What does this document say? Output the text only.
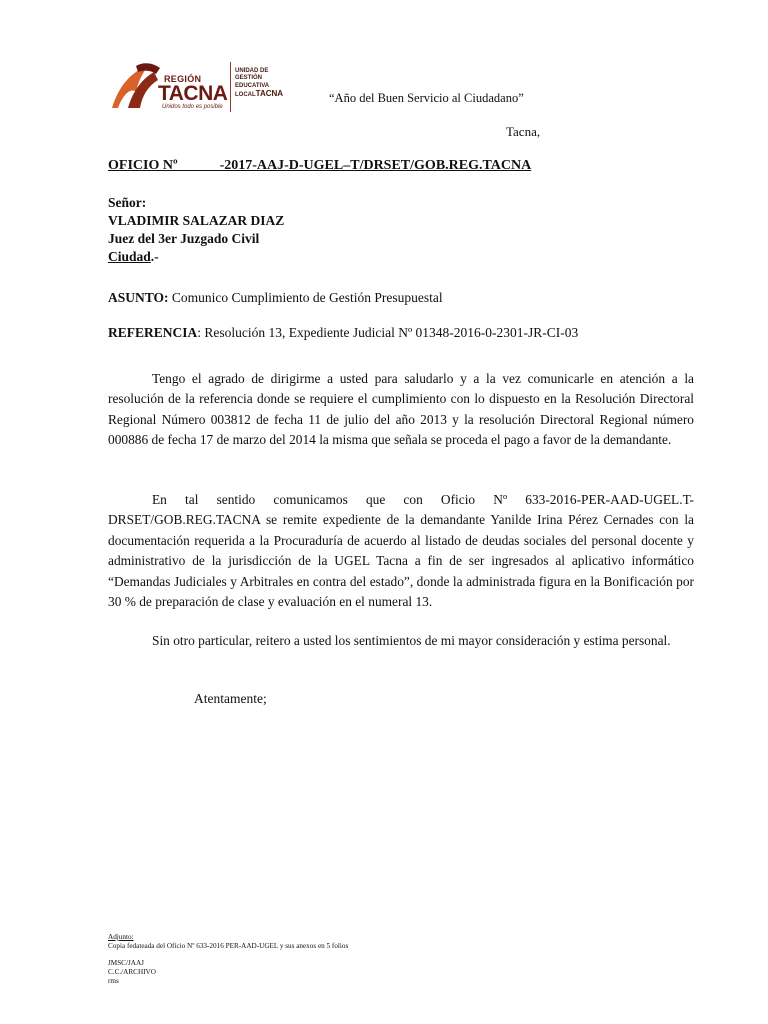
REGIÓN
TACNA
Unidos todo es posible
UNIDAD DE
GESTIÓN
EDUCATIVA
LOCALTACNA	“Año del Buen Servicio al Ciudadano”
Tacna,
OFICIO Nº	-2017-AAJ-D-UGEL–T/DRSET/GOB.REG.TACNA
Señor:
VLADIMIR SALAZAR DIAZ
Juez del 3er Juzgado Civil
Ciudad.-
ASUNTO: Comunico Cumplimiento de Gestión Presupuestal
REFERENCIA: Resolución 13, Expediente Judicial Nº 01348-2016-0-2301-JR-CI-03
Tengo el agrado de dirigirme a usted para saludarlo y a la vez comunicarle en atención a la resolución de la referencia donde se requiere el cumplimiento con lo dispuesto en la Resolución Directoral Regional Número 003812 de fecha 11 de julio del año 2013 y la resolución Directoral Regional número 000886 de fecha 17 de marzo del 2014 la misma que señala se proceda el pago a favor de la demandante.
En tal sentido comunicamos que con Oficio Nº 633-2016-PER-AAD-UGEL.T-DRSET/GOB.REG.TACNA se remite expediente de la demandante Yanilde Irina Pérez Cernades con la documentación requerida a la Procuraduría de acuerdo al listado de deudas sociales del personal docente y administrativo de la jurisdicción de la UGEL Tacna a fin de ser ingresados al aplicativo informático “Demandas Judiciales y Arbitrales en contra del estado”, donde la administrada figura en la Bonificación por 30 % de preparación de clase y evaluación en el numeral 13.
Sin otro particular, reitero a usted los sentimientos de mi mayor consideración y estima personal.
Atentamente;
Adjunto:
Copia fedateada del Oficio Nº 633-2016 PER-AAD-UGEL y sus anexos en 5 folios
JMSC/JAAJ
C.C./ARCHIVO
rms
